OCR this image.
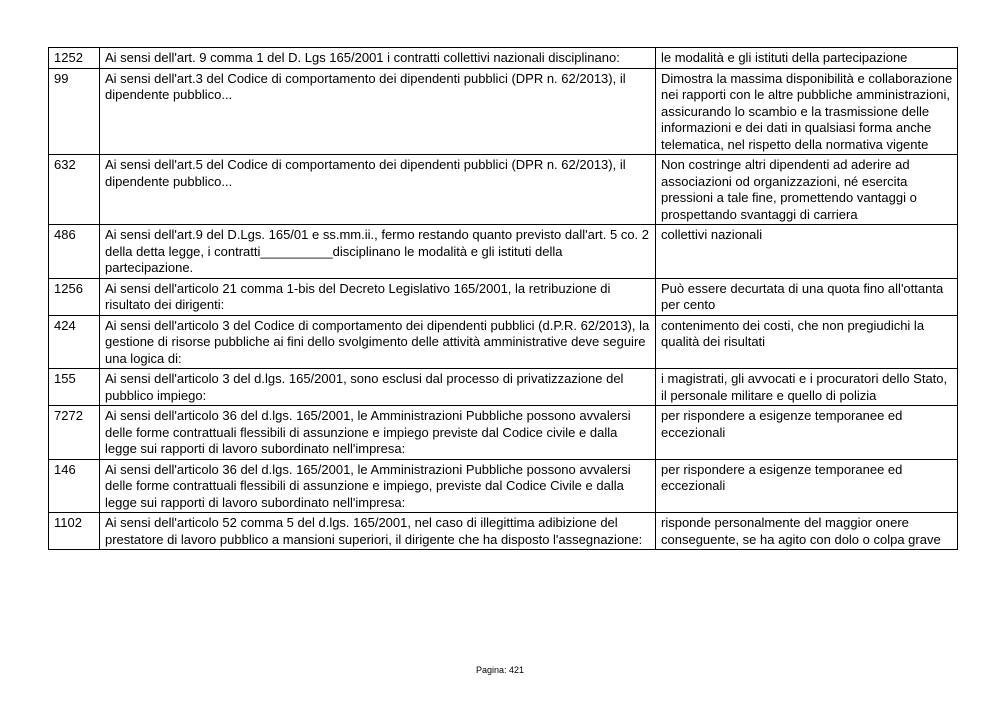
1252	Ai sensi dell'art. 9 comma 1 del D. Lgs 165/2001 i contratti collettivi nazionali disciplinano:	le modalità e gli istituti della partecipazione
99	Ai sensi dell'art.3 del Codice di comportamento dei dipendenti pubblici (DPR n. 62/2013), il dipendente pubblico...	Dimostra la massima disponibilità e collaborazione nei rapporti con le altre pubbliche amministrazioni, assicurando lo scambio e la trasmissione delle informazioni e dei dati in qualsiasi forma anche telematica, nel rispetto della normativa vigente
632	Ai sensi dell'art.5 del Codice di comportamento dei dipendenti pubblici (DPR n. 62/2013), il dipendente pubblico...	Non costringe altri dipendenti ad aderire ad associazioni od organizzazioni, né esercita pressioni a tale fine, promettendo vantaggi o prospettando svantaggi di carriera
486	Ai sensi dell'art.9 del D.Lgs. 165/01 e ss.mm.ii., fermo restando quanto previsto dall'art. 5 co. 2 della detta legge, i contratti__________disciplinano le modalità e gli istituti della partecipazione.	collettivi nazionali
1256	Ai sensi dell'articolo 21 comma 1-bis del Decreto Legislativo 165/2001, la retribuzione di risultato dei dirigenti:	Può essere decurtata di una quota fino all'ottanta per cento
424	Ai sensi dell'articolo 3 del Codice di comportamento dei dipendenti pubblici (d.P.R. 62/2013), la gestione di risorse pubbliche ai fini dello svolgimento delle attività amministrative deve seguire una logica di:	contenimento dei costi, che non pregiudichi la qualità dei risultati
155	Ai sensi dell'articolo 3 del d.lgs. 165/2001, sono esclusi dal processo di privatizzazione del pubblico impiego:	i magistrati, gli avvocati e i procuratori dello Stato, il personale militare e quello di polizia
7272	Ai sensi dell'articolo 36 del d.lgs. 165/2001, le Amministrazioni Pubbliche possono avvalersi delle forme contrattuali flessibili di assunzione e impiego previste dal Codice civile e dalla legge sui rapporti di lavoro subordinato nell'impresa:	per rispondere a esigenze temporanee ed eccezionali
146	Ai sensi dell'articolo 36 del d.lgs. 165/2001, le Amministrazioni Pubbliche possono avvalersi delle forme contrattuali flessibili di assunzione e impiego, previste dal Codice Civile e dalla legge sui rapporti di lavoro subordinato nell'impresa:	per rispondere a esigenze temporanee ed eccezionali
1102	Ai sensi dell'articolo 52 comma 5 del d.lgs. 165/2001, nel caso di illegittima adibizione del prestatore di lavoro pubblico a mansioni superiori, il dirigente che ha disposto l'assegnazione:	risponde personalmente del maggior onere conseguente, se ha agito con dolo o colpa grave
Pagina: 421
